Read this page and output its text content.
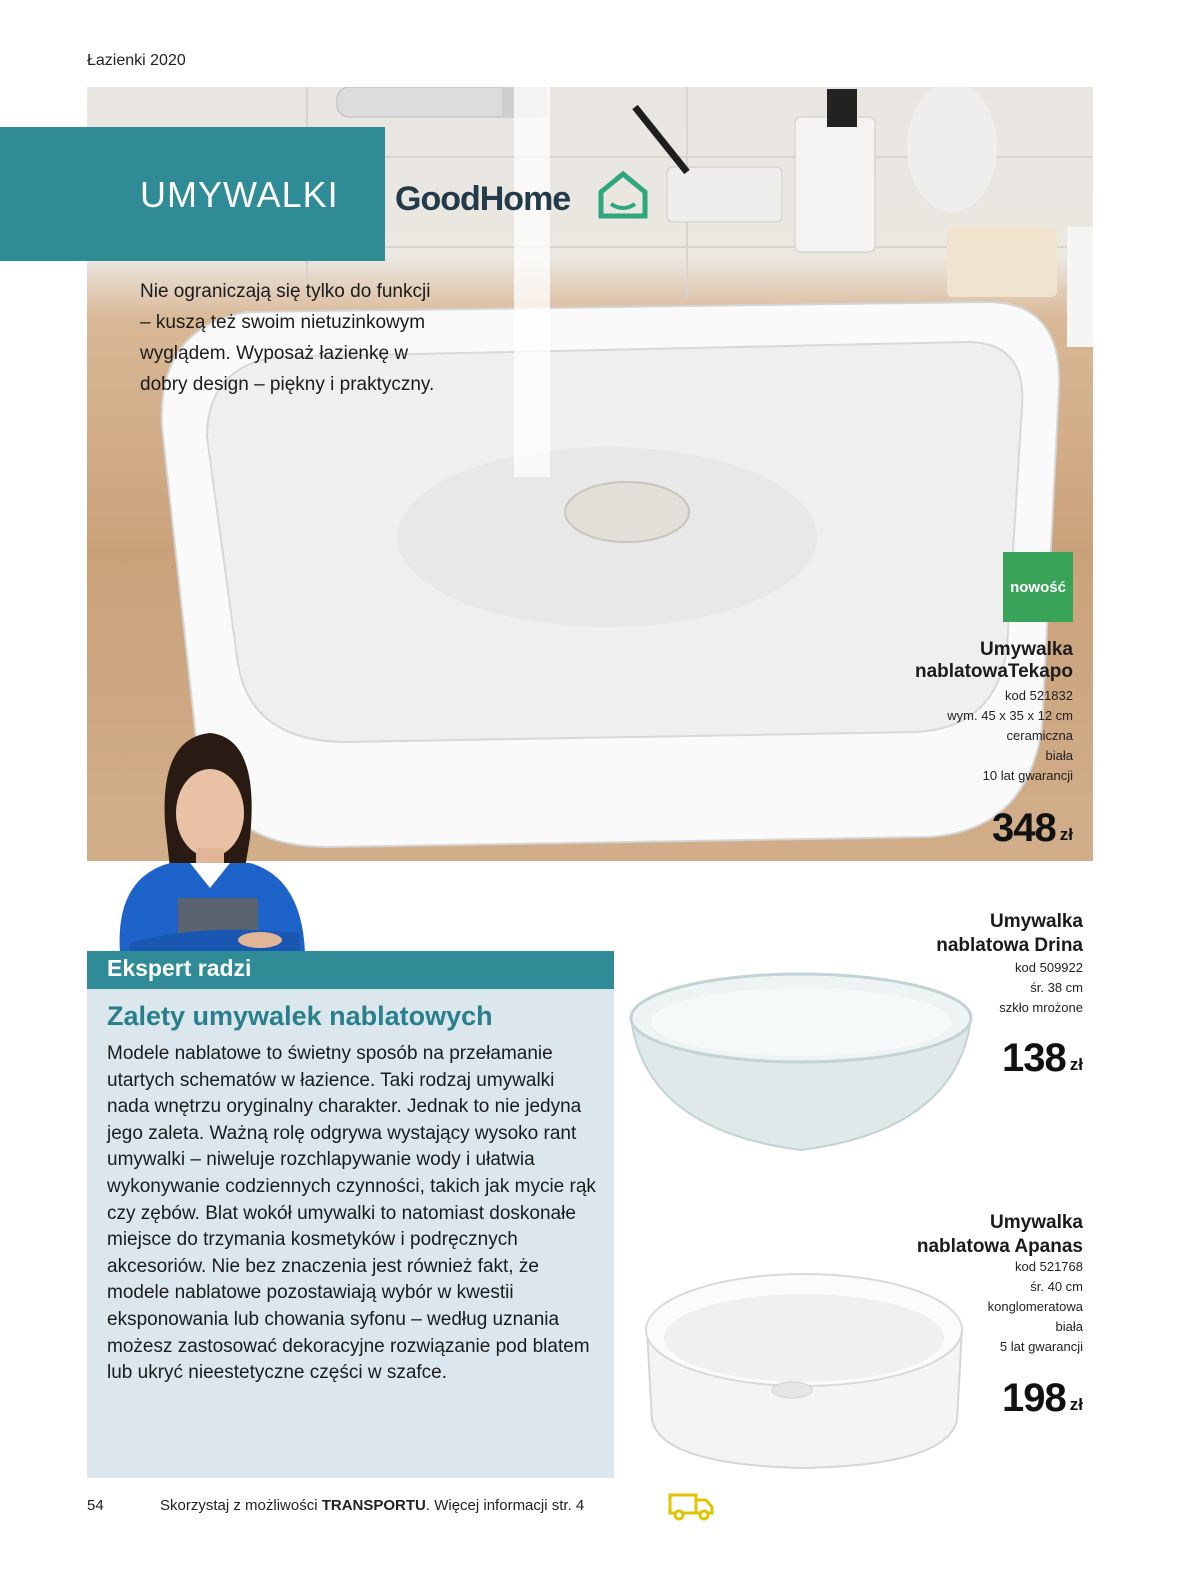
Łazienki 2020
UMYWALKI GoodHome
Nie ograniczają się tylko do funkcji – kuszą też swoim nietuzinkowym wyglądem. Wyposaż łazienkę w dobry design – piękny i praktyczny.
nowość
Umywalka
nablatowaTekapo
kod 521832
wym. 45 x 35 x 12 cm
ceramiczna
biała
10 lat gwarancji
348 zł
Ekspert radzi
Zalety umywalek nablatowych
Modele nablatowe to świetny sposób na przełamanie utartych schematów w łazience. Taki rodzaj umywalki nada wnętrzu oryginalny charakter. Jednak to nie jedyna jego zaleta. Ważną rolę odgrywa wystający wysoko rant umywalki – niweluje rozchlapywanie wody i ułatwia wykonywanie codziennych czynności, takich jak mycie rąk czy zębów. Blat wokół umywalki to natomiast doskonałe miejsce do trzymania kosmetyków i podręcznych akcesoriów. Nie bez znaczenia jest również fakt, że modele nablatowe pozostawiają wybór w kwestii eksponowania lub chowania syfonu – według uznania możesz zastosować dekoracyjne rozwiązanie pod blatem lub ukryć nieestetyczne części w szafce.
Umywalka
nablatowa Drina
kod 509922
śr. 38 cm
szkło mrożone
138 zł
Umywalka
nablatowa Apanas
kod 521768
śr. 40 cm
konglomeratowa
biała
5 lat gwarancji
198 zł
54	Skorzystaj z możliwości TRANSPORTU. Więcej informacji str. 4
